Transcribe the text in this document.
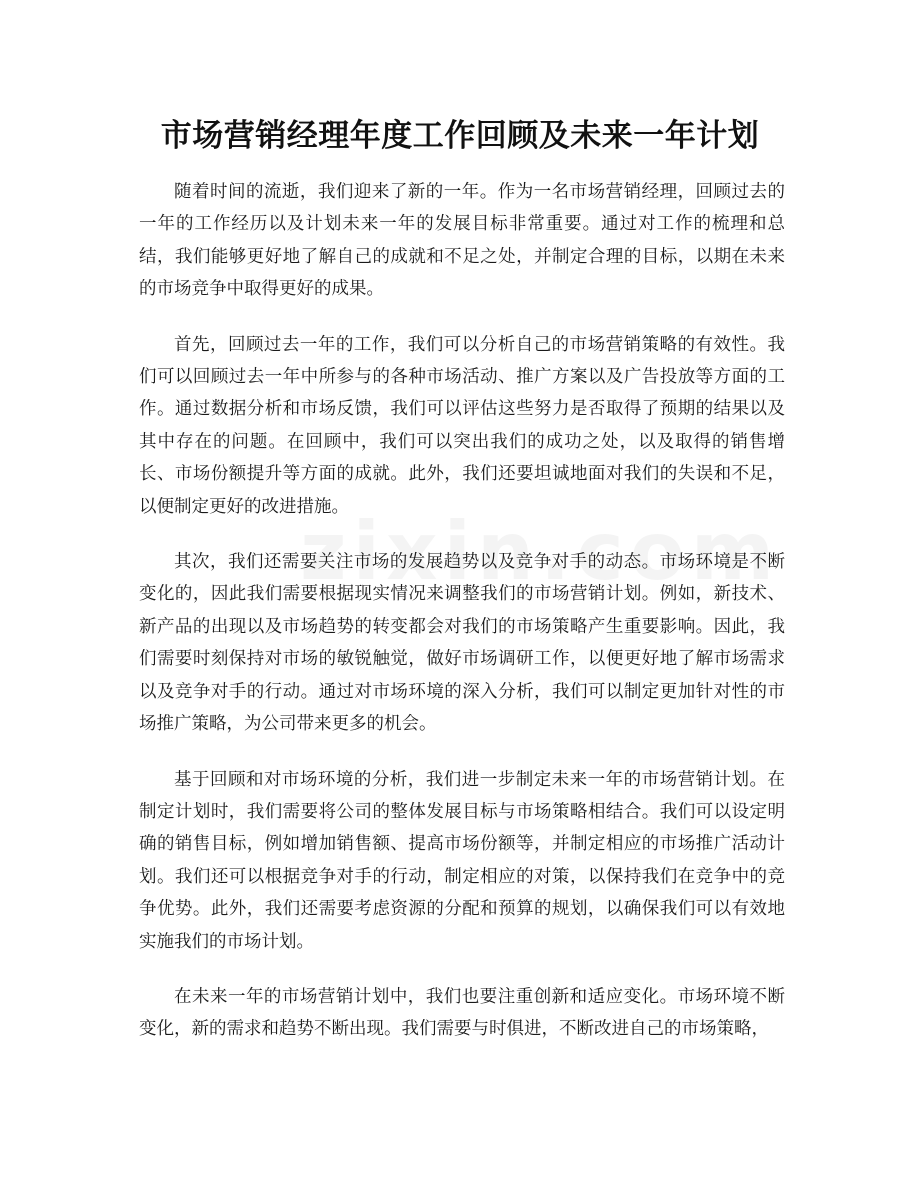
市场营销经理年度工作回顾及未来一年计划

随着时间的流逝，我们迎来了新的一年。作为一名市场营销经理，回顾过去的一年的工作经历以及计划未来一年的发展目标非常重要。通过对工作的梳理和总结，我们能够更好地了解自己的成就和不足之处，并制定合理的目标，以期在未来的市场竞争中取得更好的成果。

首先，回顾过去一年的工作，我们可以分析自己的市场营销策略的有效性。我们可以回顾过去一年中所参与的各种市场活动、推广方案以及广告投放等方面的工作。通过数据分析和市场反馈，我们可以评估这些努力是否取得了预期的结果以及其中存在的问题。在回顾中，我们可以突出我们的成功之处，以及取得的销售增长、市场份额提升等方面的成就。此外，我们还要坦诚地面对我们的失误和不足，以便制定更好的改进措施。

其次，我们还需要关注市场的发展趋势以及竞争对手的动态。市场环境是不断变化的，因此我们需要根据现实情况来调整我们的市场营销计划。例如，新技术、新产品的出现以及市场趋势的转变都会对我们的市场策略产生重要影响。因此，我们需要时刻保持对市场的敏锐触觉，做好市场调研工作，以便更好地了解市场需求以及竞争对手的行动。通过对市场环境的深入分析，我们可以制定更加针对性的市场推广策略，为公司带来更多的机会。

基于回顾和对市场环境的分析，我们进一步制定未来一年的市场营销计划。在制定计划时，我们需要将公司的整体发展目标与市场策略相结合。我们可以设定明确的销售目标，例如增加销售额、提高市场份额等，并制定相应的市场推广活动计划。我们还可以根据竞争对手的行动，制定相应的对策，以保持我们在竞争中的竞争优势。此外，我们还需要考虑资源的分配和预算的规划，以确保我们可以有效地实施我们的市场计划。

在未来一年的市场营销计划中，我们也要注重创新和适应变化。市场环境不断变化，新的需求和趋势不断出现。我们需要与时俱进，不断改进自己的市场策略，
